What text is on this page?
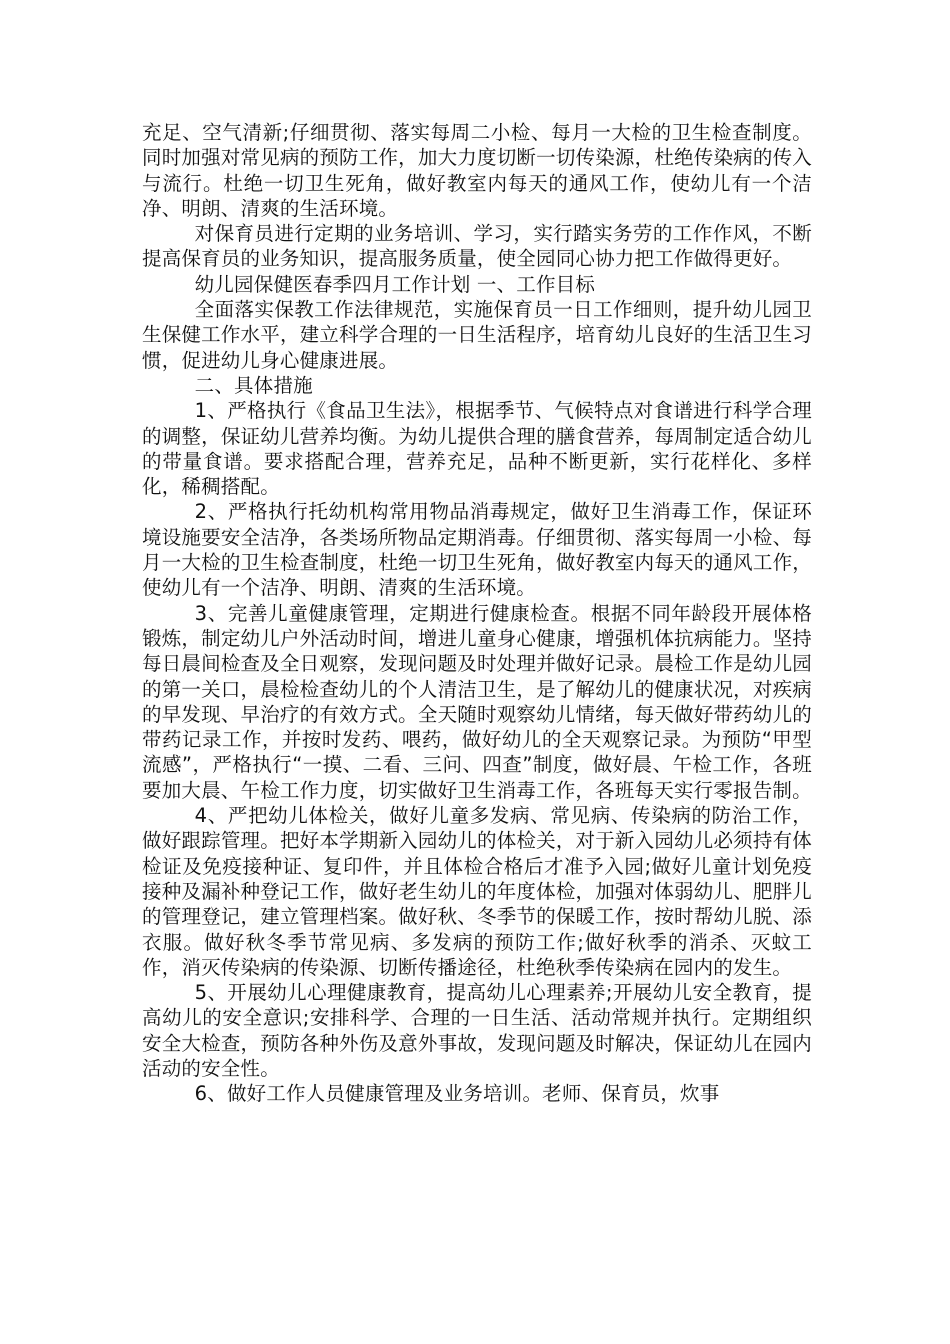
充足、空气清新;仔细贯彻、落实每周二小检、每月一大检的卫生检查制度。同时加强对常见病的预防工作，加大力度切断一切传染源，杜绝传染病的传入与流行。杜绝一切卫生死角，做好教室内每天的通风工作，使幼儿有一个洁净、明朗、清爽的生活环境。

对保育员进行定期的业务培训、学习，实行踏实务劳的工作作风，不断提高保育员的业务知识，提高服务质量，使全园同心协力把工作做得更好。

幼儿园保健医春季四月工作计划 一、工作目标

全面落实保教工作法律规范，实施保育员一日工作细则，提升幼儿园卫生保健工作水平，建立科学合理的一日生活程序，培育幼儿良好的生活卫生习惯，促进幼儿身心健康进展。

二、具体措施

1、严格执行《食品卫生法》，根据季节、气候特点对食谱进行科学合理的调整，保证幼儿营养均衡。为幼儿提供合理的膳食营养，每周制定适合幼儿的带量食谱。要求搭配合理，营养充足，品种不断更新，实行花样化、多样化，稀稠搭配。

2、严格执行托幼机构常用物品消毒规定，做好卫生消毒工作，保证环境设施要安全洁净，各类场所物品定期消毒。仔细贯彻、落实每周一小检、每月一大检的卫生检查制度，杜绝一切卫生死角，做好教室内每天的通风工作，使幼儿有一个洁净、明朗、清爽的生活环境。

3、完善儿童健康管理，定期进行健康检查。根据不同年龄段开展体格锻炼，制定幼儿户外活动时间，增进儿童身心健康，增强机体抗病能力。坚持每日晨间检查及全日观察，发现问题及时处理并做好记录。晨检工作是幼儿园的第一关口，晨检检查幼儿的个人清洁卫生，是了解幼儿的健康状况，对疾病的早发现、早治疗的有效方式。全天随时观察幼儿情绪，每天做好带药幼儿的带药记录工作，并按时发药、喂药，做好幼儿的全天观察记录。为预防“甲型流感”，严格执行“一摸、二看、三问、四查”制度，做好晨、午检工作，各班要加大晨、午检工作力度，切实做好卫生消毒工作，各班每天实行零报告制。

4、严把幼儿体检关，做好儿童多发病、常见病、传染病的防治工作，做好跟踪管理。把好本学期新入园幼儿的体检关，对于新入园幼儿必须持有体检证及免疫接种证、复印件，并且体检合格后才准予入园;做好儿童计划免疫接种及漏补种登记工作，做好老生幼儿的年度体检，加强对体弱幼儿、肥胖儿的管理登记，建立管理档案。做好秋、冬季节的保暖工作，按时帮幼儿脱、添衣服。做好秋冬季节常见病、多发病的预防工作;做好秋季的消杀、灭蚊工作，消灭传染病的传染源、切断传播途径，杜绝秋季传染病在园内的发生。

5、开展幼儿心理健康教育，提高幼儿心理素养;开展幼儿安全教育，提高幼儿的安全意识;安排科学、合理的一日生活、活动常规并执行。定期组织安全大检查，预防各种外伤及意外事故，发现问题及时解决，保证幼儿在园内活动的安全性。

6、做好工作人员健康管理及业务培训。老师、保育员，炊事
